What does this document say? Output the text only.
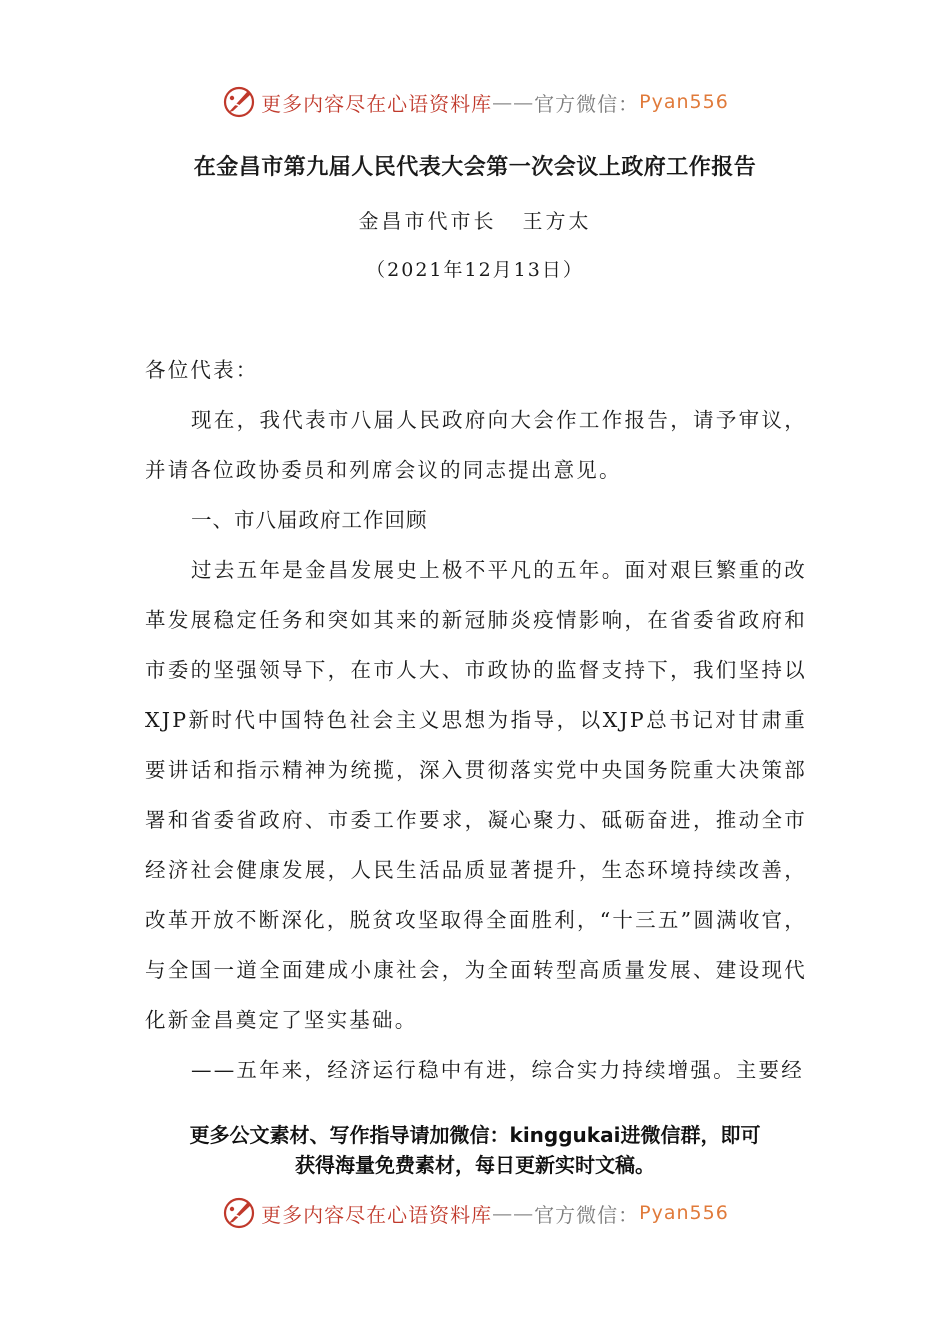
更多内容尽在心语资料库 —— 官方微信： Pyan556
在金昌市第九届人民代表大会第一次会议上政府工作报告
金昌市代市长 王方太
（2021年12月13日）

各位代表：

现在，我代表市八届人民政府向大会作工作报告，请予审议，并请各位政协委员和列席会议的同志提出意见。

一、市八届政府工作回顾

过去五年是金昌发展史上极不平凡的五年。面对艰巨繁重的改革发展稳定任务和突如其来的新冠肺炎疫情影响，在省委省政府和市委的坚强领导下，在市人大、市政协的监督支持下，我们坚持以XJP新时代中国特色社会主义思想为指导，以XJP总书记对甘肃重要讲话和指示精神为统揽，深入贯彻落实党中央国务院重大决策部署和省委省政府、市委工作要求，凝心聚力、砥砺奋进，推动全市经济社会健康发展，人民生活品质显著提升，生态环境持续改善，改革开放不断深化，脱贫攻坚取得全面胜利，“十三五”圆满收官，与全国一道全面建成小康社会，为全面转型高质量发展、建设现代化新金昌奠定了坚实基础。

——五年来，经济运行稳中有进，综合实力持续增强。主要经

更多公文素材、写作指导请加微信：kinggukai进微信群，即可
获得海量免费素材，每日更新实时文稿。
更多内容尽在心语资料库 —— 官方微信： Pyan556
